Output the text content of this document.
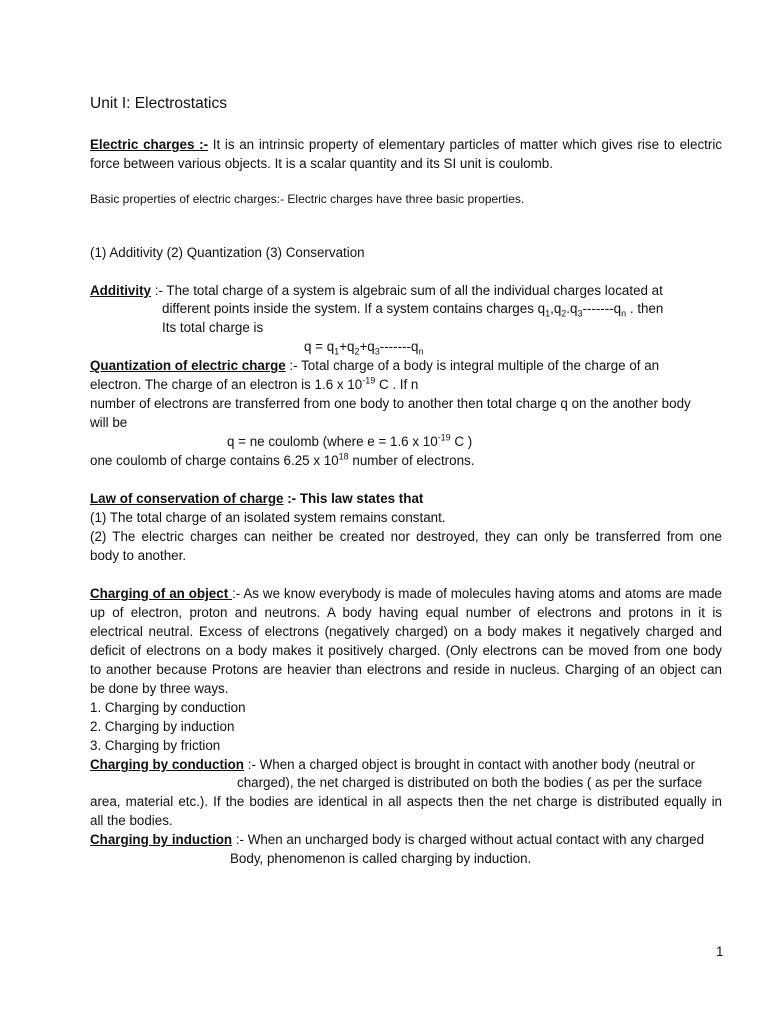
Unit I: Electrostatics
Electric charges :- It is an intrinsic property of elementary particles of matter which gives rise to electric
force between various objects. It is a scalar quantity and its SI unit is coulomb.
Basic properties of electric charges:- Electric charges have three basic properties.
(1) Additivity (2) Quantization (3) Conservation
Additivity :- The total charge of a system is algebraic sum of all the individual charges located at
different points inside the system. If a system contains charges $q_1,q_2.q_3-------q_n$ . then
Its total charge is
$q = q_1+q_2+q_3-------q_n$
Quantization of electric charge :- Total charge of a body is integral multiple of the charge of an
electron. The charge of an electron is 1.6 x $10^{-19}$ C . If n
number of electrons are transferred from one body to another then total charge q on the another body
will be
q = ne coulomb (where e = 1.6 x $10^{-19}$ C )
one coulomb of charge contains 6.25 x $10^{18}$ number of electrons.
Law of conservation of charge :- This law states that
(1) The total charge of an isolated system remains constant.
(2) The electric charges can neither be created nor destroyed, they can only be transferred from one
body to another.
Charging of an object :- As we know everybody is made of molecules having atoms and atoms are made
up of electron, proton and neutrons. A body having equal number of electrons and protons in it is
electrical neutral. Excess of electrons (negatively charged) on a body makes it negatively charged and
deficit of electrons on a body makes it positively charged. (Only electrons can be moved from one body
to another because Protons are heavier than electrons and reside in nucleus. Charging of an object can
be done by three ways.
1. Charging by conduction
2. Charging by induction
3. Charging by friction
Charging by conduction :- When a charged object is brought in contact with another body (neutral or
charged), the net charged is distributed on both the bodies ( as per the surface
area, material etc.). If the bodies are identical in all aspects then the net charge is distributed equally in
all the bodies.
Charging by induction :- When an uncharged body is charged without actual contact with any charged
Body, phenomenon is called charging by induction.
1
